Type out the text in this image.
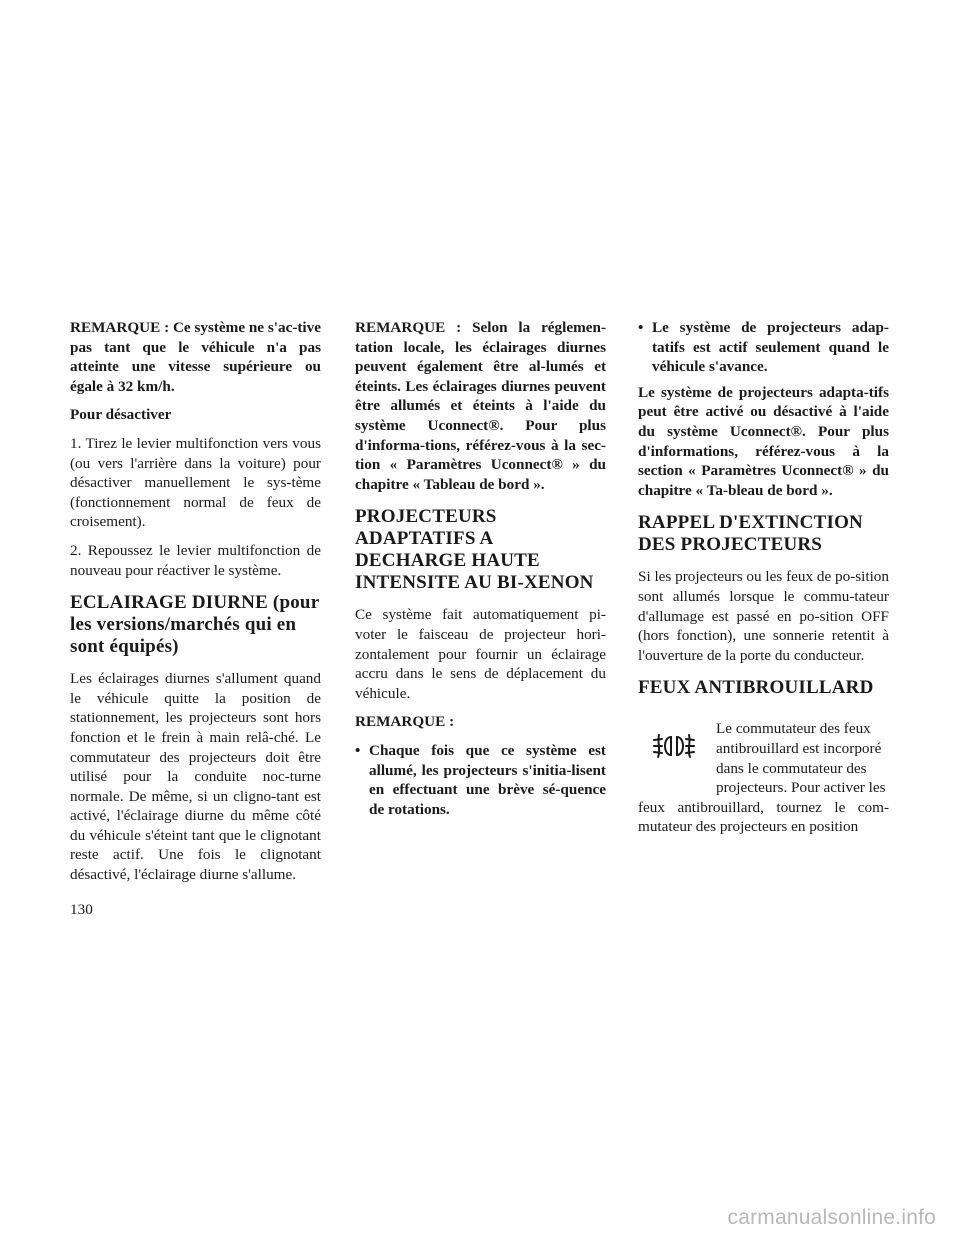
REMARQUE : Ce système ne s'ac-tive pas tant que le véhicule n'a pas atteinte une vitesse supérieure ou égale à 32 km/h.

Pour désactiver

1. Tirez le levier multifonction vers vous (ou vers l'arrière dans la voiture) pour désactiver manuellement le sys-tème (fonctionnement normal de feux de croisement).

2. Repoussez le levier multifonction de nouveau pour réactiver le système.

ECLAIRAGE DIURNE (pour les versions/marchés qui en sont équipés)

Les éclairages diurnes s'allument quand le véhicule quitte la position de stationnement, les projecteurs sont hors fonction et le frein à main relâ-ché. Le commutateur des projecteurs doit être utilisé pour la conduite noc-turne normale. De même, si un cligno-tant est activé, l'éclairage diurne du même côté du véhicule s'éteint tant que le clignotant reste actif. Une fois le clignotant désactivé, l'éclairage diurne s'allume.

REMARQUE : Selon la réglemen-tation locale, les éclairages diurnes peuvent également être al-lumés et éteints. Les éclairages diurnes peuvent être allumés et éteints à l'aide du système Uconnect®. Pour plus d'informa-tions, référez-vous à la sec-tion « Paramètres Uconnect® » du chapitre « Tableau de bord ».

PROJECTEURS ADAPTATIFS A DECHARGE HAUTE INTENSITE AU BI-XENON

Ce système fait automatiquement pi-voter le faisceau de projecteur hori-zontalement pour fournir un éclairage accru dans le sens de déplacement du véhicule.

REMARQUE :

• Chaque fois que ce système est allumé, les projecteurs s'initia-lisent en effectuant une brève sé-quence de rotations.
• Le système de projecteurs adap-tatifs est actif seulement quand le véhicule s'avance.

Le système de projecteurs adapta-tifs peut être activé ou désactivé à l'aide du système Uconnect®. Pour plus d'informations, référez-vous à la section « Paramètres Uconnect® » du chapitre « Ta-bleau de bord ».

RAPPEL D'EXTINCTION DES PROJECTEURS

Si les projecteurs ou les feux de po-sition sont allumés lorsque le commu-tateur d'allumage est passé en po-sition OFF (hors fonction), une sonnerie retentit à l'ouverture de la porte du conducteur.

FEUX ANTIBROUILLARD
Le commutateur des feux
antibrouillard est incorporé
dans le commutateur des
projecteurs. Pour activer les
feux antibrouillard, tournez le com-mutateur des projecteurs en position
130
carmanualsonline.info
